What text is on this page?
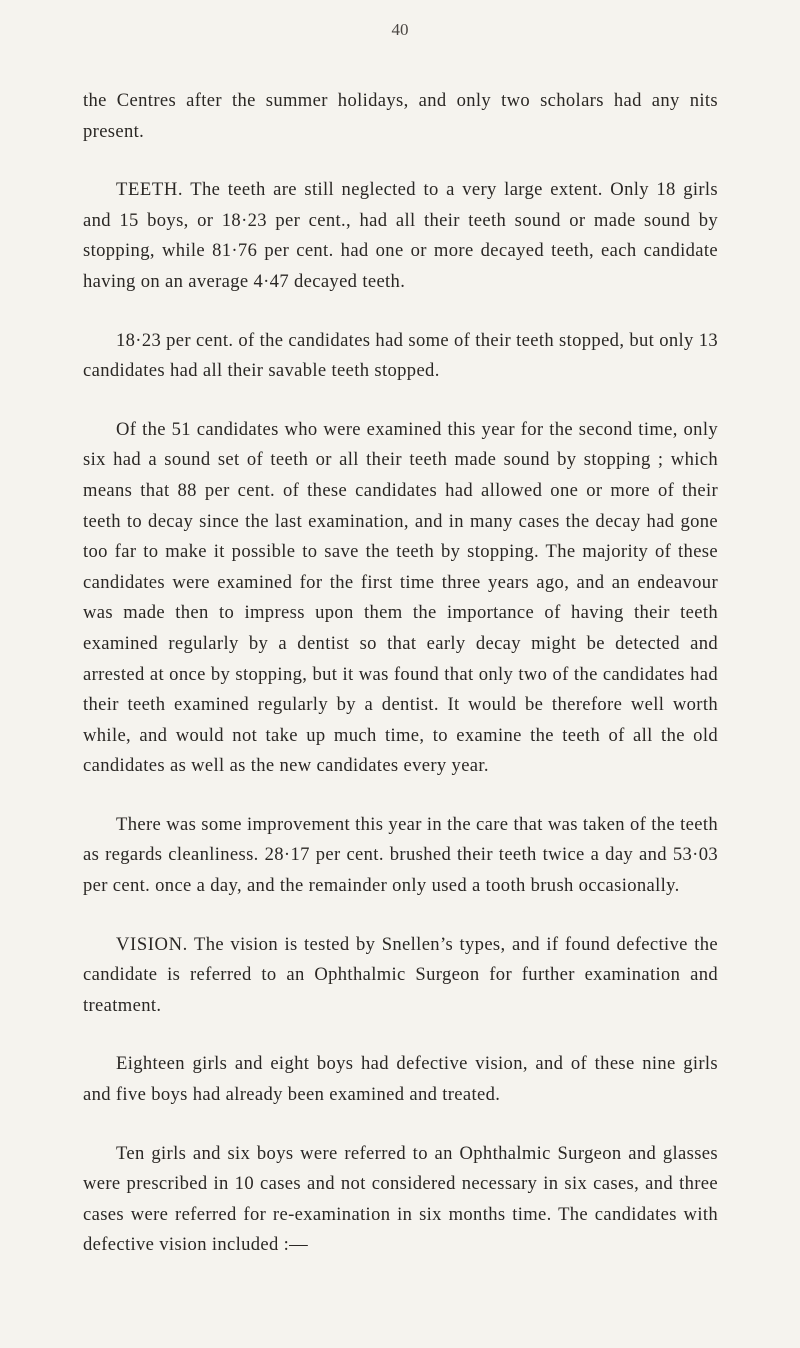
40

the Centres after the summer holidays, and only two scholars had any nits present.

TEETH. The teeth are still neglected to a very large extent. Only 18 girls and 15 boys, or 18·23 per cent., had all their teeth sound or made sound by stopping, while 81·76 per cent. had one or more decayed teeth, each candidate having on an average 4·47 decayed teeth.

18·23 per cent. of the candidates had some of their teeth stopped, but only 13 candidates had all their savable teeth stopped.

Of the 51 candidates who were examined this year for the second time, only six had a sound set of teeth or all their teeth made sound by stopping ; which means that 88 per cent. of these candidates had allowed one or more of their teeth to decay since the last examination, and in many cases the decay had gone too far to make it possible to save the teeth by stopping. The majority of these candidates were examined for the first time three years ago, and an endeavour was made then to impress upon them the importance of having their teeth examined regularly by a dentist so that early decay might be detected and arrested at once by stopping, but it was found that only two of the candidates had their teeth examined regularly by a dentist. It would be therefore well worth while, and would not take up much time, to examine the teeth of all the old candidates as well as the new candidates every year.

There was some improvement this year in the care that was taken of the teeth as regards cleanliness. 28·17 per cent. brushed their teeth twice a day and 53·03 per cent. once a day, and the remainder only used a tooth brush occasionally.

VISION. The vision is tested by Snellen’s types, and if found defective the candidate is referred to an Ophthalmic Surgeon for further examination and treatment.

Eighteen girls and eight boys had defective vision, and of these nine girls and five boys had already been examined and treated.

Ten girls and six boys were referred to an Ophthalmic Surgeon and glasses were prescribed in 10 cases and not considered necessary in six cases, and three cases were referred for re-examination in six months time. The candidates with defective vision included :—
